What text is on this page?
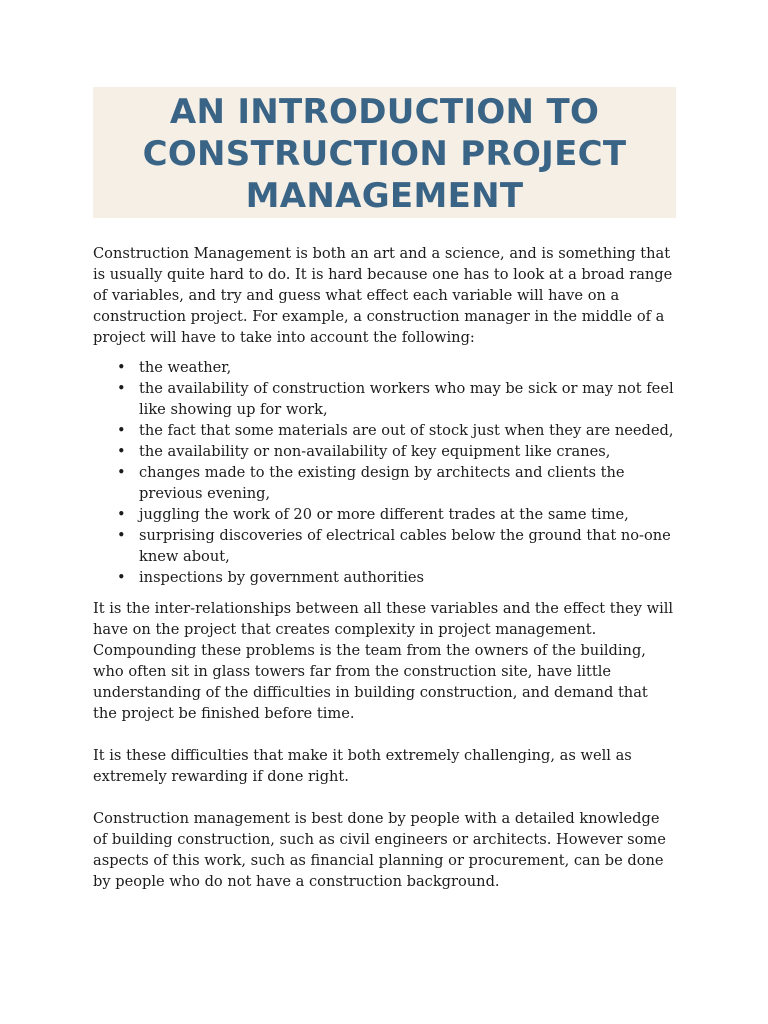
AN INTRODUCTION TO
CONSTRUCTION PROJECT
MANAGEMENT

Construction Management is both an art and a science, and is something that is usually quite hard to do. It is hard because one has to look at a broad range of variables, and try and guess what effect each variable will have on a construction project. For example, a construction manager in the middle of a project will have to take into account the following:

• the weather,
• the availability of construction workers who may be sick or may not feel like showing up for work,
• the fact that some materials are out of stock just when they are needed,
• the availability or non-availability of key equipment like cranes,
• changes made to the existing design by architects and clients the previous evening,
• juggling the work of 20 or more different trades at the same time,
• surprising discoveries of electrical cables below the ground that no-one knew about,
• inspections by government authorities

It is the inter-relationships between all these variables and the effect they will have on the project that creates complexity in project management. Compounding these problems is the team from the owners of the building, who often sit in glass towers far from the construction site, have little understanding of the difficulties in building construction, and demand that the project be finished before time.

It is these difficulties that make it both extremely challenging, as well as extremely rewarding if done right.

Construction management is best done by people with a detailed knowledge of building construction, such as civil engineers or architects. However some aspects of this work, such as financial planning or procurement, can be done by people who do not have a construction background.
